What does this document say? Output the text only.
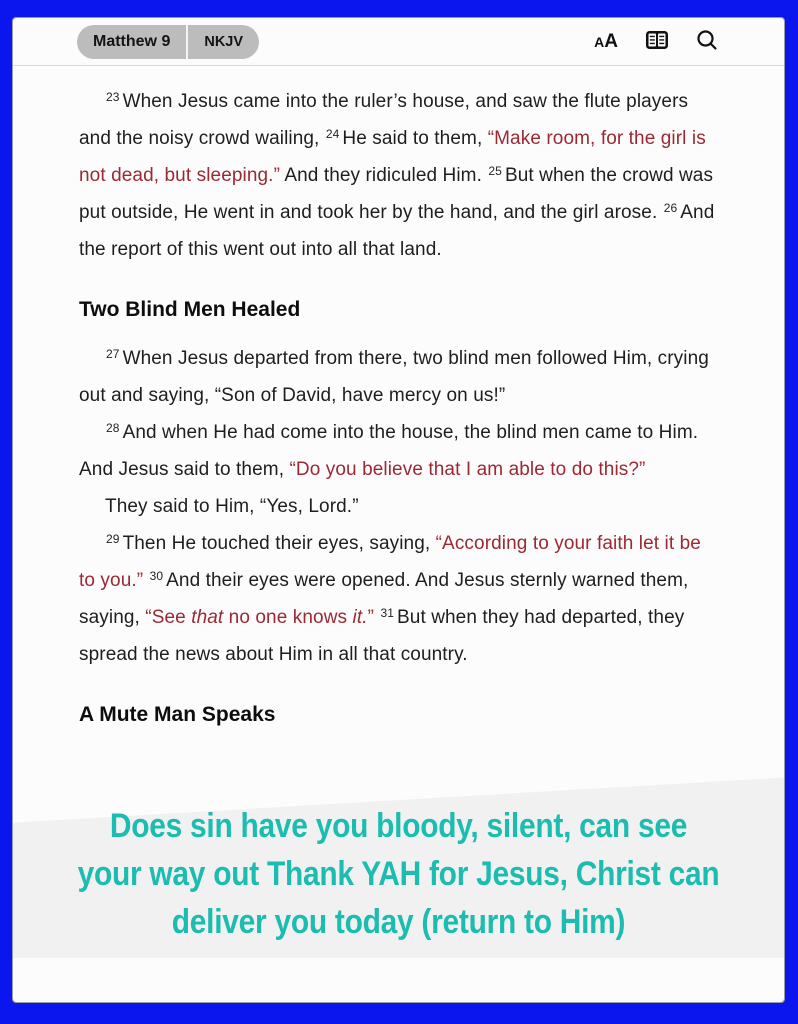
Matthew 9	NKJV	AA

$^{23}$ When Jesus came into the ruler’s house, and saw the flute players and the noisy crowd wailing, $^{24}$ He said to them, “Make room, for the girl is not dead, but sleeping.” And they ridiculed Him. $^{25}$ But when the crowd was put outside, He went in and took her by the hand, and the girl arose. $^{26}$ And the report of this went out into all that land.

Two Blind Men Healed

$^{27}$ When Jesus departed from there, two blind men followed Him, crying out and saying, “Son of David, have mercy on us!”

$^{28}$ And when He had come into the house, the blind men came to Him. And Jesus said to them, “Do you believe that I am able to do this?”

They said to Him, “Yes, Lord.”

$^{29}$ Then He touched their eyes, saying, “According to your faith let it be to you.” $^{30}$ And their eyes were opened. And Jesus sternly warned them, saying, “See that no one knows it.” $^{31}$ But when they had departed, they spread the news about Him in all that country.

A Mute Man Speaks
Does sin have you bloody, silent, can see
your way out Thank YAH for Jesus, Christ can
deliver you today (return to Him)
